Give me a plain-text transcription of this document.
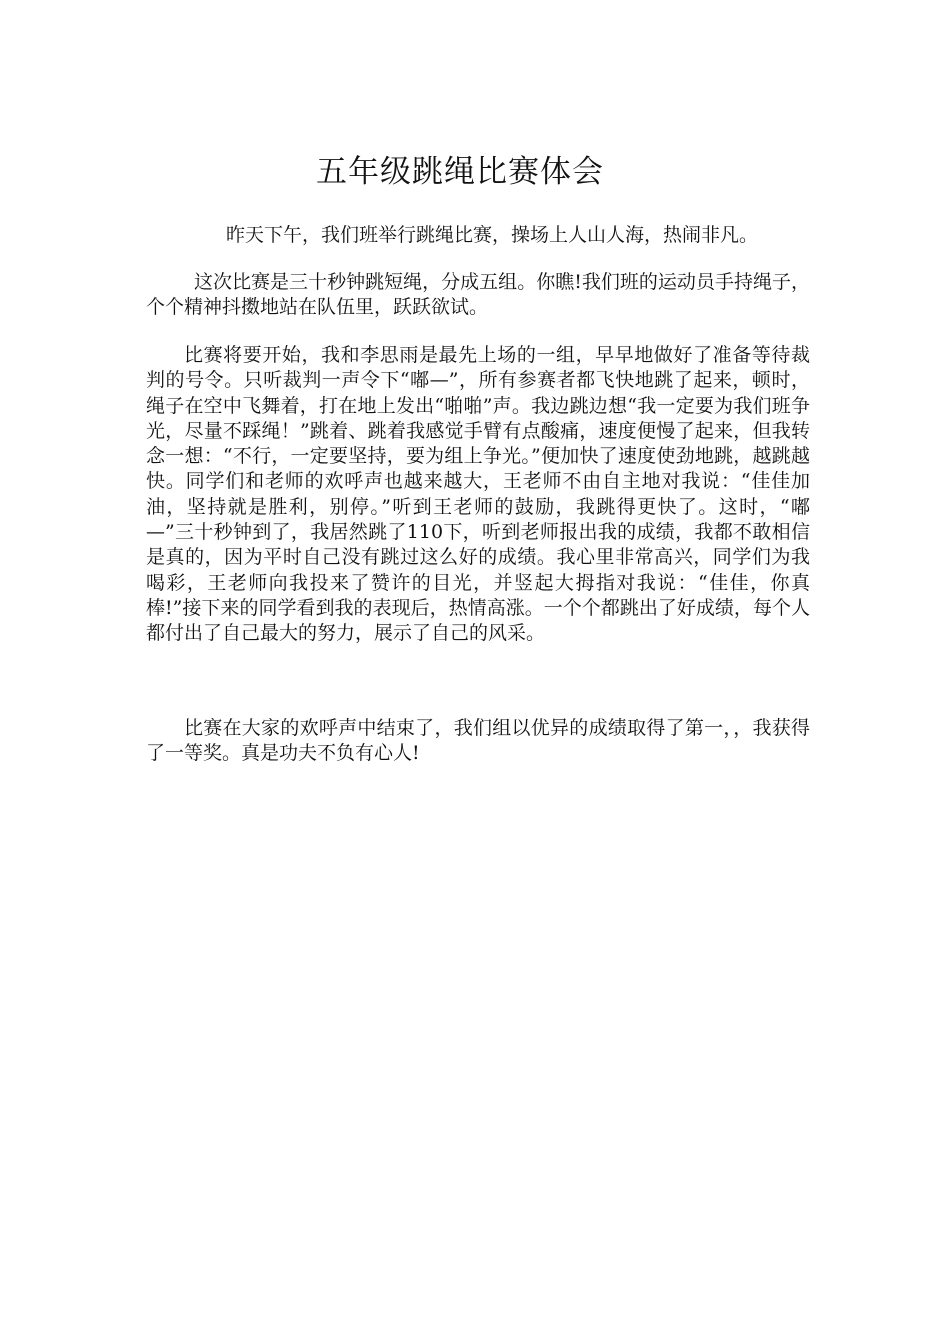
五年级跳绳比赛体会

昨天下午，我们班举行跳绳比赛，操场上人山人海，热闹非凡。

这次比赛是三十秒钟跳短绳，分成五组。你瞧!我们班的运动员手持绳子，个个精神抖擞地站在队伍里，跃跃欲试。

比赛将要开始，我和李思雨是最先上场的一组，早早地做好了准备等待裁判的号令。只听裁判一声令下“嘟—”，所有参赛者都飞快地跳了起来，顿时，绳子在空中飞舞着，打在地上发出“啪啪”声。我边跳边想“我一定要为我们班争光，尽量不踩绳！”跳着、跳着我感觉手臂有点酸痛，速度便慢了起来，但我转念一想：“不行，一定要坚持，要为组上争光。”便加快了速度使劲地跳，越跳越快。同学们和老师的欢呼声也越来越大，王老师不由自主地对我说：“佳佳加油，坚持就是胜利，别停。”听到王老师的鼓励，我跳得更快了。这时，“嘟—”三十秒钟到了，我居然跳了110下，听到老师报出我的成绩，我都不敢相信是真的，因为平时自己没有跳过这么好的成绩。我心里非常高兴，同学们为我喝彩，王老师向我投来了赞许的目光，并竖起大拇指对我说：“佳佳，你真棒!”接下来的同学看到我的表现后，热情高涨。一个个都跳出了好成绩，每个人都付出了自己最大的努力，展示了自己的风采。

比赛在大家的欢呼声中结束了，我们组以优异的成绩取得了第一，，我获得了一等奖。真是功夫不负有心人!
